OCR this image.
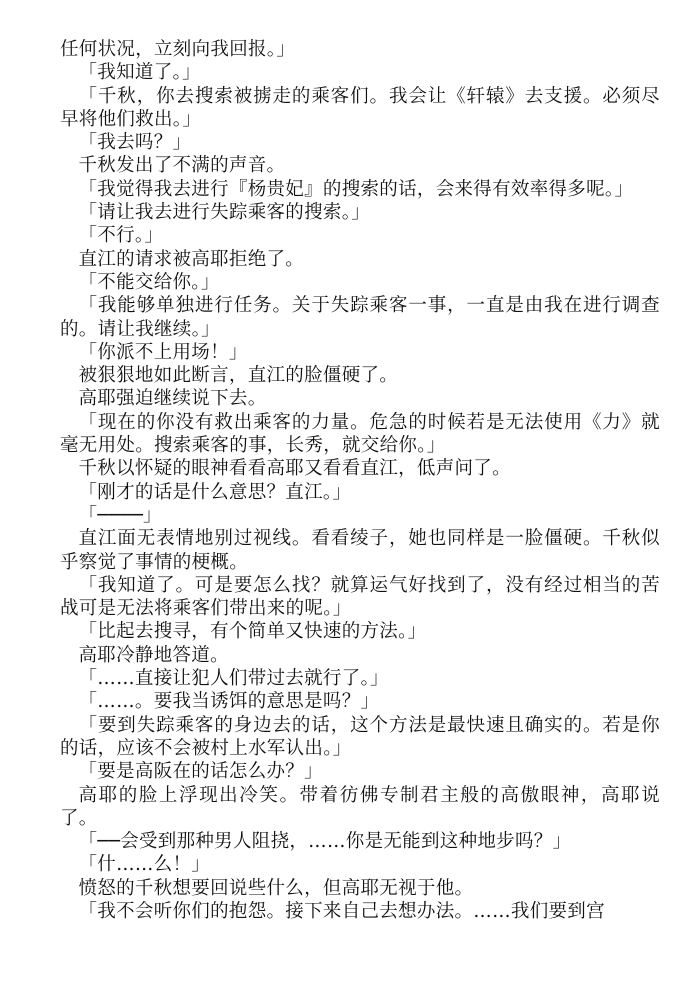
任何状况，立刻向我回报。」

「我知道了。」

「千秋，你去搜索被掳走的乘客们。我会让《轩辕》去支援。必须尽早将他们救出。」

「我去吗？」

千秋发出了不满的声音。

「我觉得我去进行『杨贵妃』的搜索的话，会来得有效率得多呢。」

「请让我去进行失踪乘客的搜索。」

「不行。」

直江的请求被高耶拒绝了。

「不能交给你。」

「我能够单独进行任务。关于失踪乘客一事，一直是由我在进行调查的。请让我继续。」

「你派不上用场！」

被狠狠地如此断言，直江的脸僵硬了。

高耶强迫继续说下去。

「现在的你没有救出乘客的力量。危急的时候若是无法使用《力》就毫无用处。搜索乘客的事，长秀，就交给你。」

千秋以怀疑的眼神看看高耶又看看直江，低声问了。

「刚才的话是什么意思？直江。」

「────」

直江面无表情地别过视线。看看绫子，她也同样是一脸僵硬。千秋似乎察觉了事情的梗概。

「我知道了。可是要怎么找？就算运气好找到了，没有经过相当的苦战可是无法将乘客们带出来的呢。」

「比起去搜寻，有个简单又快速的方法。」

高耶冷静地答道。

「……直接让犯人们带过去就行了。」

「……。要我当诱饵的意思是吗？」

「要到失踪乘客的身边去的话，这个方法是最快速且确实的。若是你的话，应该不会被村上水军认出。」

「要是高阪在的话怎么办？」

高耶的脸上浮现出冷笑。带着彷佛专制君主般的高傲眼神，高耶说了。

「──会受到那种男人阻挠，……你是无能到这种地步吗？」

「什……么！」

愤怒的千秋想要回说些什么，但高耶无视于他。

「我不会听你们的抱怨。接下来自己去想办法。……我们要到宫
